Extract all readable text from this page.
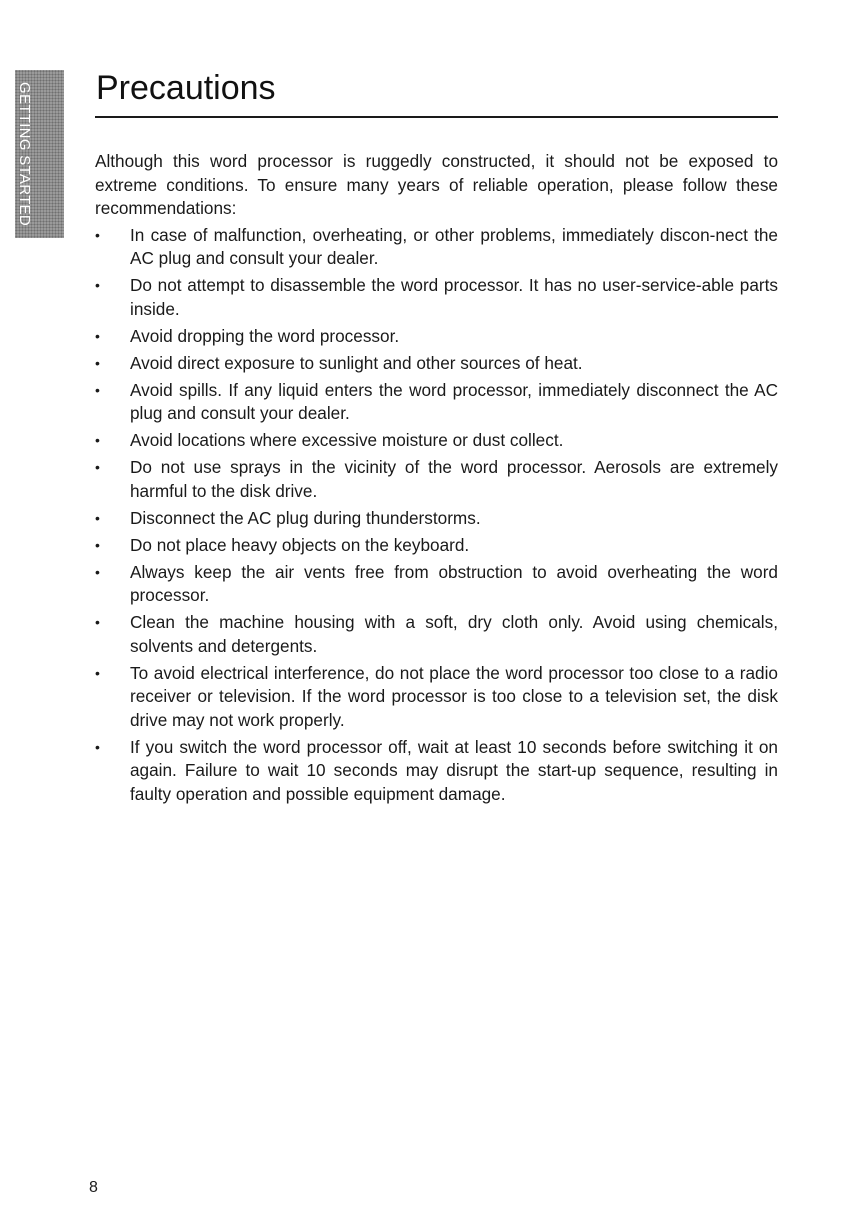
GETTING STARTED Precautions

Although this word processor is ruggedly constructed, it should not be exposed to extreme conditions. To ensure many years of reliable operation, please follow these recommendations:

• In case of malfunction, overheating, or other problems, immediately discon-nect the AC plug and consult your dealer.
• Do not attempt to disassemble the word processor. It has no user-service-able parts inside.
• Avoid dropping the word processor.
• Avoid direct exposure to sunlight and other sources of heat.
• Avoid spills. If any liquid enters the word processor, immediately disconnect the AC plug and consult your dealer.
• Avoid locations where excessive moisture or dust collect.
• Do not use sprays in the vicinity of the word processor. Aerosols are extremely harmful to the disk drive.
• Disconnect the AC plug during thunderstorms.
• Do not place heavy objects on the keyboard.
• Always keep the air vents free from obstruction to avoid overheating the word processor.
• Clean the machine housing with a soft, dry cloth only. Avoid using chemicals, solvents and detergents.
• To avoid electrical interference, do not place the word processor too close to a radio receiver or television. If the word processor is too close to a television set, the disk drive may not work properly.
• If you switch the word processor off, wait at least 10 seconds before switching it on again. Failure to wait 10 seconds may disrupt the start-up sequence, resulting in faulty operation and possible equipment damage.
8
